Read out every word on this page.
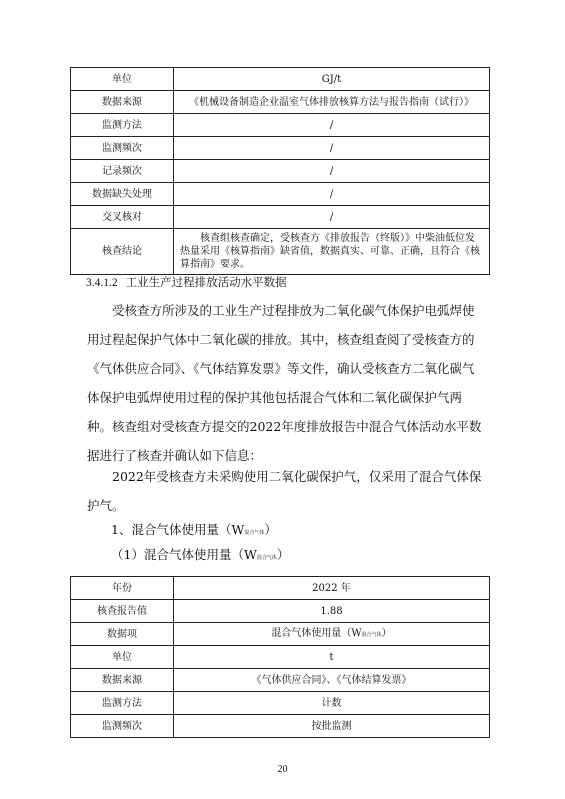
单位	GJ/t
数据来源	《机械设备制造企业温室气体排放核算方法与报告指南（试行）》
监测方法	/
监测频次	/
记录频次	/
数据缺失处理	/
交叉核对	/
核查结论	核查组核查确定，受核查方《排放报告（终版）》中柴油低位发热量采用《核算指南》缺省值，数据真实、可靠、正确，且符合《核算指南》要求。
3.4.1.2 工业生产过程排放活动水平数据

受核查方所涉及的工业生产过程排放为二氧化碳气体保护电弧焊使用过程起保护气体中二氧化碳的排放。其中，核查组查阅了受核查方的《气体供应合同》、《气体结算发票》等文件，确认受核查方二氧化碳气体保护电弧焊使用过程的保护其他包括混合气体和二氧化碳保护气两种。核查组对受核查方提交的2022年度排放报告中混合气体活动水平数据进行了核查并确认如下信息：

2022年受核查方未采购使用二氧化碳保护气，仅采用了混合气体保护气。

1、混合气体使用量（W混合气体）
（1）混合气体使用量（W混合气体）
年份	2022 年
核查报告值	1.88
数据项	混合气体使用量（W混合气体）
单位	t
数据来源	《气体供应合同》、《气体结算发票》
监测方法	计数
监测频次	按批监测
20
